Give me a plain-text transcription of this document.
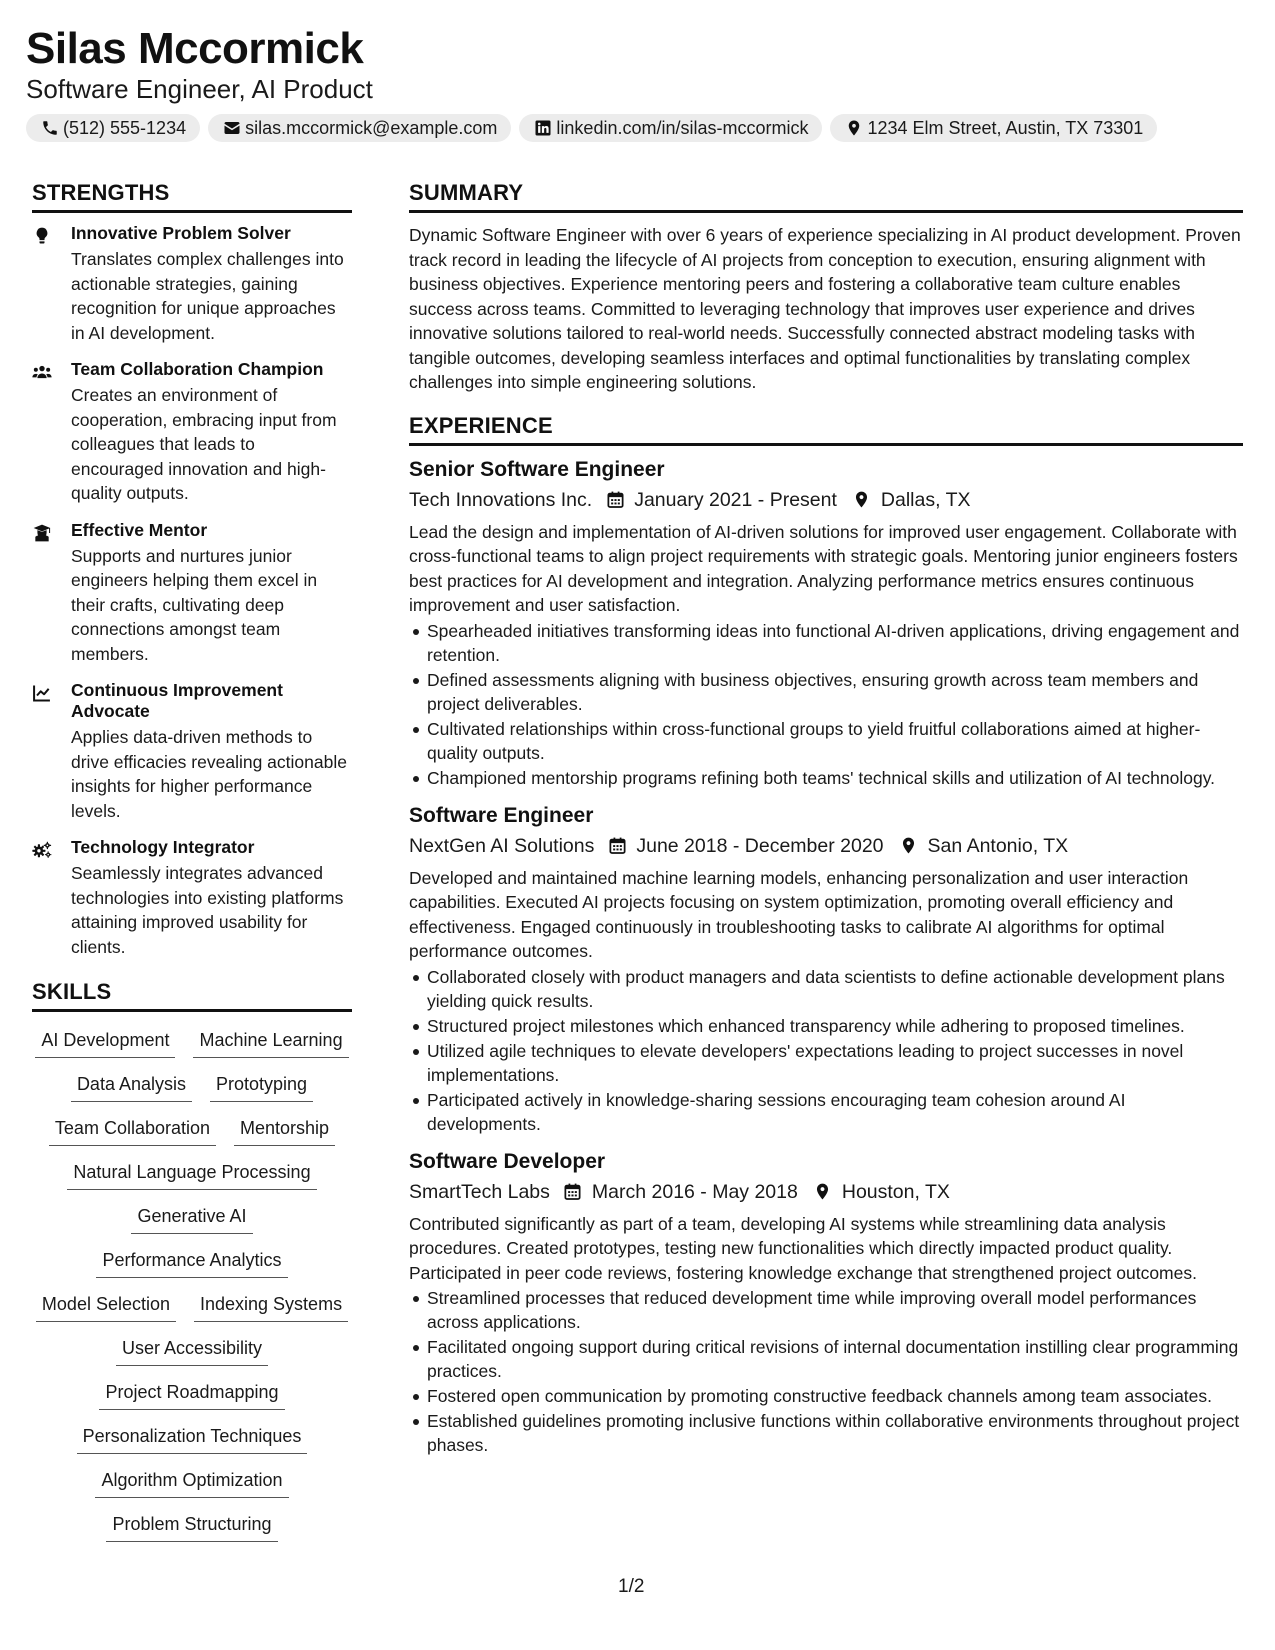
Silas Mccormick
Software Engineer, AI Product
(512) 555-1234	silas.mccormick@example.com	linkedin.com/in/silas-mccormick	1234 Elm Street, Austin, TX 73301
STRENGTHS
Innovative Problem Solver
Translates complex challenges into actionable strategies, gaining recognition for unique approaches in AI development.
Team Collaboration Champion
Creates an environment of cooperation, embracing input from colleagues that leads to encouraged innovation and high-quality outputs.
Effective Mentor
Supports and nurtures junior engineers helping them excel in their crafts, cultivating deep connections amongst team members.
Continuous Improvement Advocate
Applies data-driven methods to drive efficacies revealing actionable insights for higher performance levels.
Technology Integrator
Seamlessly integrates advanced technologies into existing platforms attaining improved usability for clients.
SKILLS
AI Development	Machine Learning
Data Analysis	Prototyping
Team Collaboration	Mentorship
Natural Language Processing
Generative AI
Performance Analytics
Model Selection	Indexing Systems
User Accessibility
Project Roadmapping
Personalization Techniques
Algorithm Optimization
Problem Structuring
SUMMARY
Dynamic Software Engineer with over 6 years of experience specializing in AI product development. Proven track record in leading the lifecycle of AI projects from conception to execution, ensuring alignment with business objectives. Experience mentoring peers and fostering a collaborative team culture enables success across teams. Committed to leveraging technology that improves user experience and drives innovative solutions tailored to real-world needs. Successfully connected abstract modeling tasks with tangible outcomes, developing seamless interfaces and optimal functionalities by translating complex challenges into simple engineering solutions.
EXPERIENCE
Senior Software Engineer
Tech Innovations Inc. January 2021 - Present Dallas, TX
Lead the design and implementation of AI-driven solutions for improved user engagement. Collaborate with cross-functional teams to align project requirements with strategic goals. Mentoring junior engineers fosters best practices for AI development and integration. Analyzing performance metrics ensures continuous improvement and user satisfaction.
Spearheaded initiatives transforming ideas into functional AI-driven applications, driving engagement and retention.
Defined assessments aligning with business objectives, ensuring growth across team members and project deliverables.
Cultivated relationships within cross-functional groups to yield fruitful collaborations aimed at higher-quality outputs.
Championed mentorship programs refining both teams' technical skills and utilization of AI technology.
Software Engineer
NextGen AI Solutions June 2018 - December 2020 San Antonio, TX
Developed and maintained machine learning models, enhancing personalization and user interaction capabilities. Executed AI projects focusing on system optimization, promoting overall efficiency and effectiveness. Engaged continuously in troubleshooting tasks to calibrate AI algorithms for optimal performance outcomes.
Collaborated closely with product managers and data scientists to define actionable development plans yielding quick results.
Structured project milestones which enhanced transparency while adhering to proposed timelines.
Utilized agile techniques to elevate developers' expectations leading to project successes in novel implementations.
Participated actively in knowledge-sharing sessions encouraging team cohesion around AI developments.
Software Developer
SmartTech Labs March 2016 - May 2018 Houston, TX
Contributed significantly as part of a team, developing AI systems while streamlining data analysis procedures. Created prototypes, testing new functionalities which directly impacted product quality. Participated in peer code reviews, fostering knowledge exchange that strengthened project outcomes.
Streamlined processes that reduced development time while improving overall model performances across applications.
Facilitated ongoing support during critical revisions of internal documentation instilling clear programming practices.
Fostered open communication by promoting constructive feedback channels among team associates.
Established guidelines promoting inclusive functions within collaborative environments throughout project phases.
1/2
